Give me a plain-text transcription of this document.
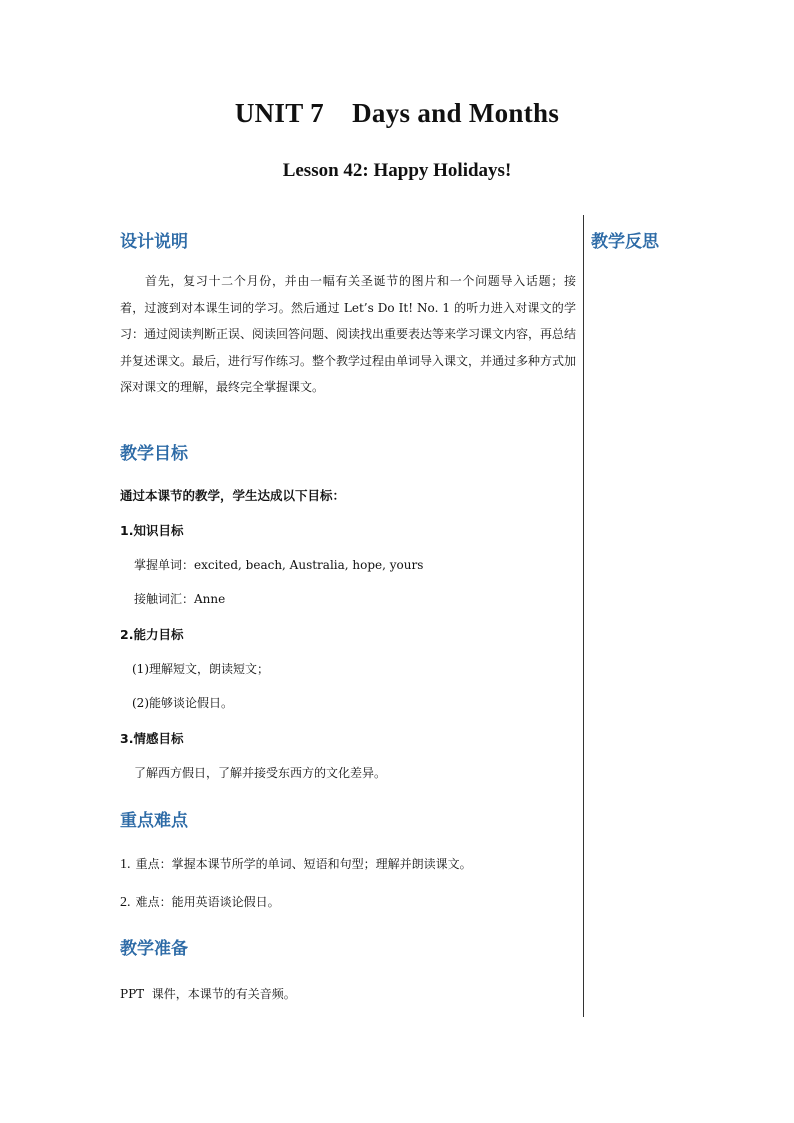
UNIT 7    Days and Months
Lesson 42: Happy Holidays!
教学反思
设计说明
首先，复习十二个月份，并由一幅有关圣诞节的图片和一个问题导入话题；接着，过渡到对本课生词的学习。然后通过 Let’s Do It! No. 1 的听力进入对课文的学习：通过阅读判断正误、阅读回答问题、阅读找出重要表达等来学习课文内容，再总结并复述课文。最后，进行写作练习。整个教学过程由单词导入课文，并通过多种方式加深对课文的理解，最终完全掌握课文。
教学目标
通过本课节的教学，学生达成以下目标：
1.知识目标
掌握单词：excited, beach, Australia, hope, yours
接触词汇：Anne
2.能力目标
(1)理解短文，朗读短文；
(2)能够谈论假日。
3.情感目标
了解西方假日，了解并接受东西方的文化差异。
重点难点
1. 重点：掌握本课节所学的单词、短语和句型；理解并朗读课文。
2. 难点：能用英语谈论假日。
教学准备
PPT  课件，本课节的有关音频。
